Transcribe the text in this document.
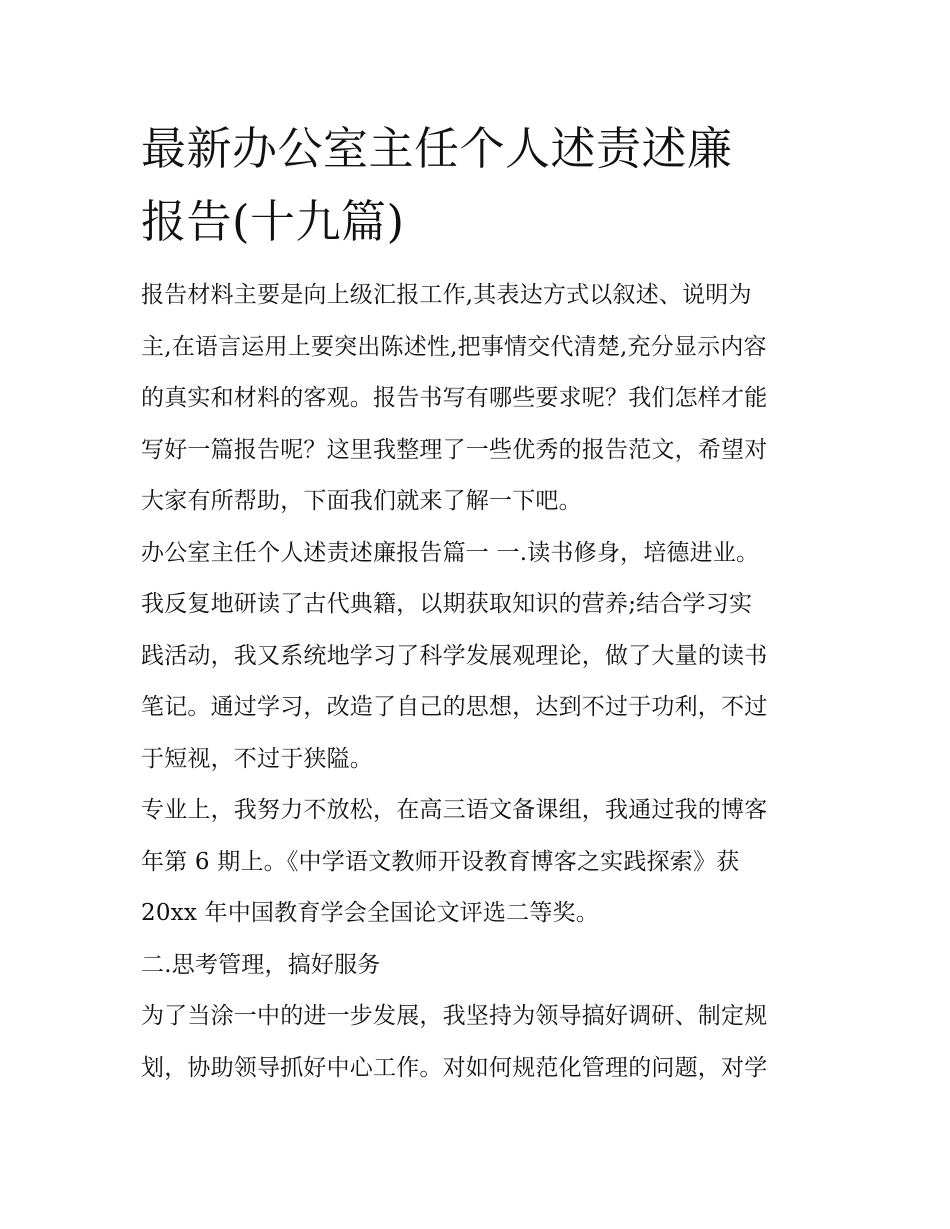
最新办公室主任个人述责述廉
报告(十九篇)
报告材料主要是向上级汇报工作,其表达方式以叙述、说明为
主,在语言运用上要突出陈述性,把事情交代清楚,充分显示内容
的真实和材料的客观。报告书写有哪些要求呢？我们怎样才能
写好一篇报告呢？这里我整理了一些优秀的报告范文，希望对
大家有所帮助，下面我们就来了解一下吧。
办公室主任个人述责述廉报告篇一 一.读书修身，培德进业。
我反复地研读了古代典籍，以期获取知识的营养;结合学习实
践活动，我又系统地学习了科学发展观理论，做了大量的读书
笔记。通过学习，改造了自己的思想，达到不过于功利，不过
于短视，不过于狭隘。
专业上，我努力不放松，在高三语文备课组，我通过我的博客
年第 6 期上。《中学语文教师开设教育博客之实践探索》获
20xx 年中国教育学会全国论文评选二等奖。
二.思考管理，搞好服务
为了当涂一中的进一步发展，我坚持为领导搞好调研、制定规
划，协助领导抓好中心工作。对如何规范化管理的问题，对学
